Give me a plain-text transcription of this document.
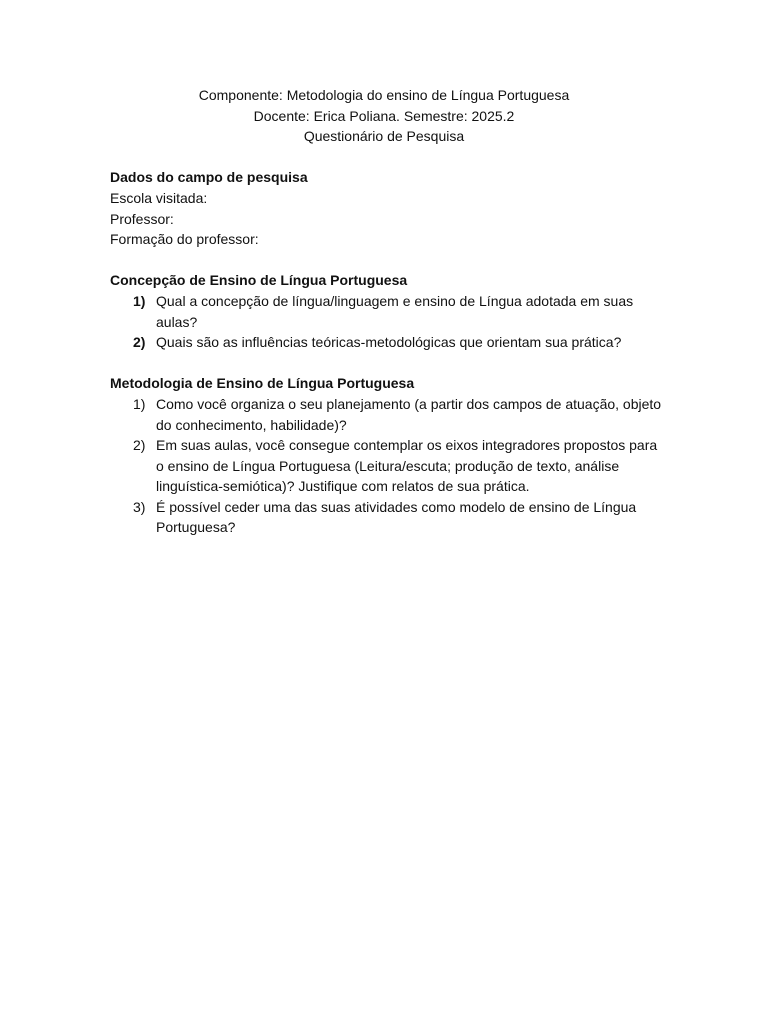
Componente: Metodologia do ensino de Língua Portuguesa
Docente: Erica Poliana. Semestre: 2025.2
Questionário de Pesquisa
Dados do campo de pesquisa
Escola visitada:
Professor:
Formação do professor:
Concepção de Ensino de Língua Portuguesa
1) Qual a concepção de língua/linguagem e ensino de Língua adotada em suas aulas?
2) Quais são as influências teóricas-metodológicas que orientam sua prática?
Metodologia de Ensino de Língua Portuguesa
1) Como você organiza o seu planejamento (a partir dos campos de atuação, objeto do conhecimento, habilidade)?
2) Em suas aulas, você consegue contemplar os eixos integradores propostos para o ensino de Língua Portuguesa (Leitura/escuta; produção de texto, análise linguística-semiótica)? Justifique com relatos de sua prática.
3) É possível ceder uma das suas atividades como modelo de ensino de Língua Portuguesa?
